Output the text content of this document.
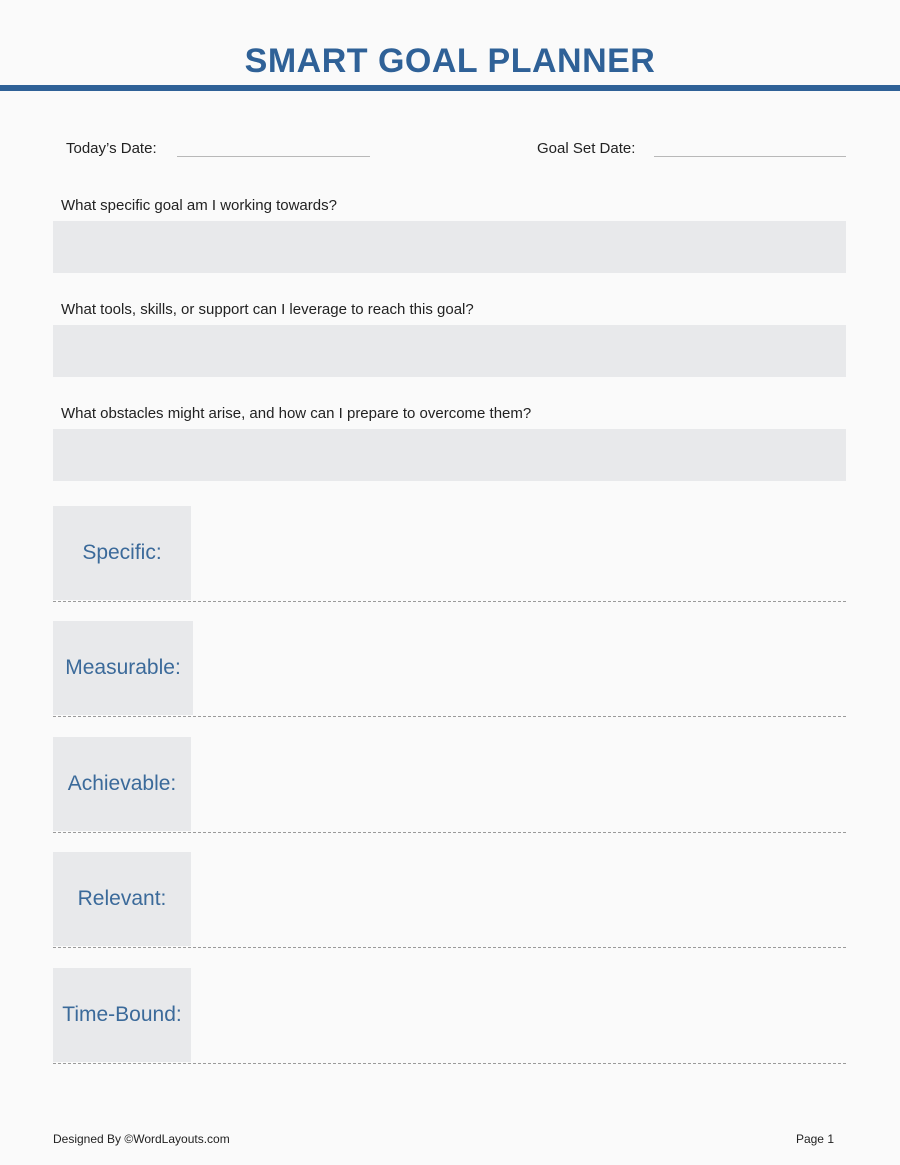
SMART GOAL PLANNER
Today’s Date:	Goal Set Date:
What specific goal am I working towards?
What tools, skills, or support can I leverage to reach this goal?
What obstacles might arise, and how can I prepare to overcome them?
Specific:
Measurable:
Achievable:
Relevant:
Time-Bound:
Designed By ©WordLayouts.com	Page 1
